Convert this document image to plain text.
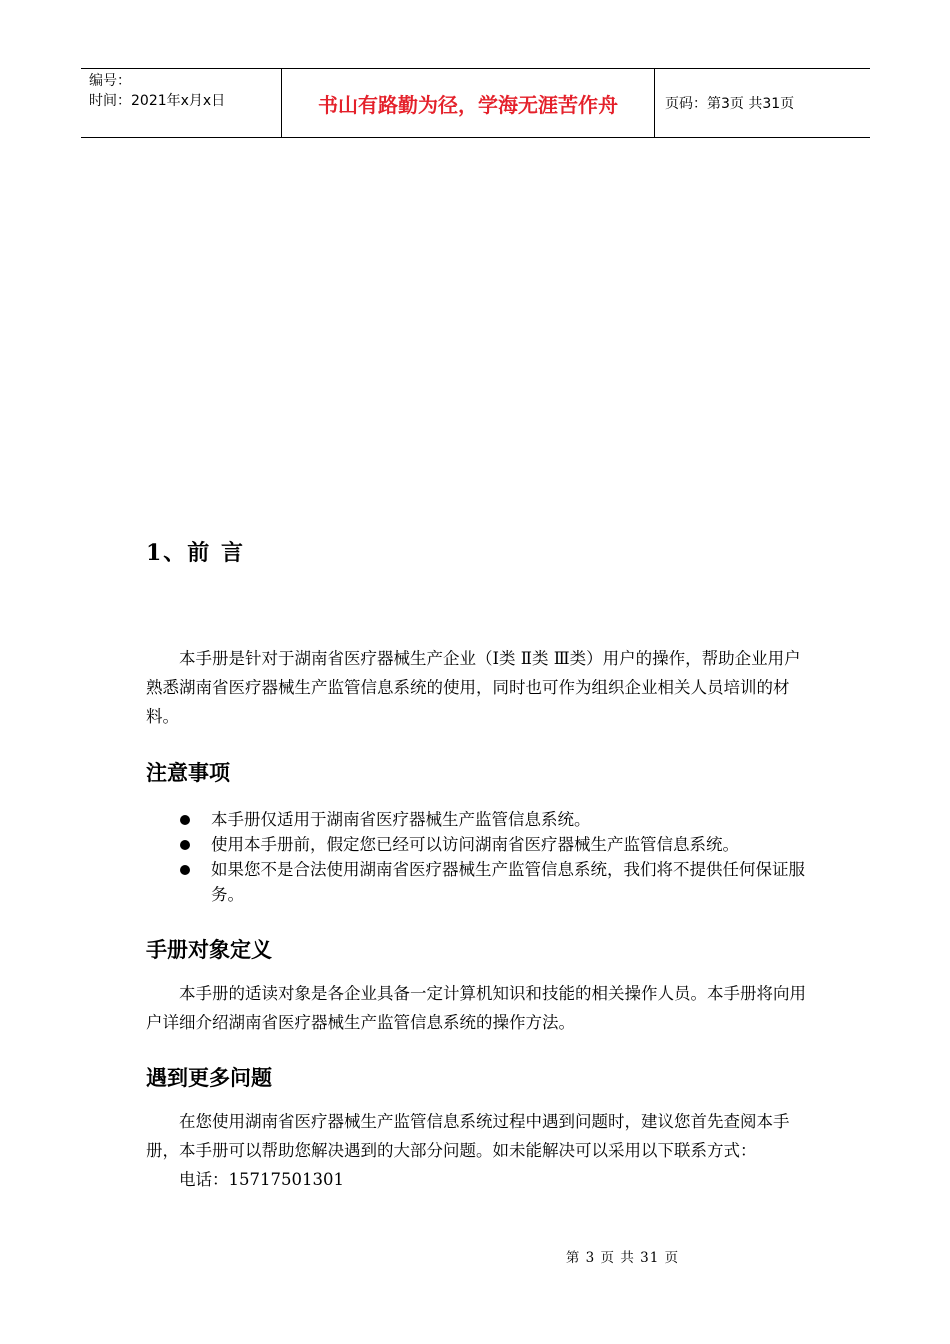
编号：
时间：2021年x月x日	书山有路勤为径，学海无涯苦作舟	页码：第3页 共31页
1、前 言

本手册是针对于湖南省医疗器械生产企业（Ⅰ类 Ⅱ类 Ⅲ类）用户的操作，帮助企业用户熟悉湖南省医疗器械生产监管信息系统的使用，同时也可作为组织企业相关人员培训的材料。

注意事项
本手册仅适用于湖南省医疗器械生产监管信息系统。
使用本手册前，假定您已经可以访问湖南省医疗器械生产监管信息系统。
如果您不是合法使用湖南省医疗器械生产监管信息系统，我们将不提供任何保证服务。
手册对象定义

本手册的适读对象是各企业具备一定计算机知识和技能的相关操作人员。本手册将向用户详细介绍湖南省医疗器械生产监管信息系统的操作方法。

遇到更多问题

在您使用湖南省医疗器械生产监管信息系统过程中遇到问题时，建议您首先查阅本手册，本手册可以帮助您解决遇到的大部分问题。如未能解决可以采用以下联系方式：

电话：15717501301
第 3 页 共 31 页
